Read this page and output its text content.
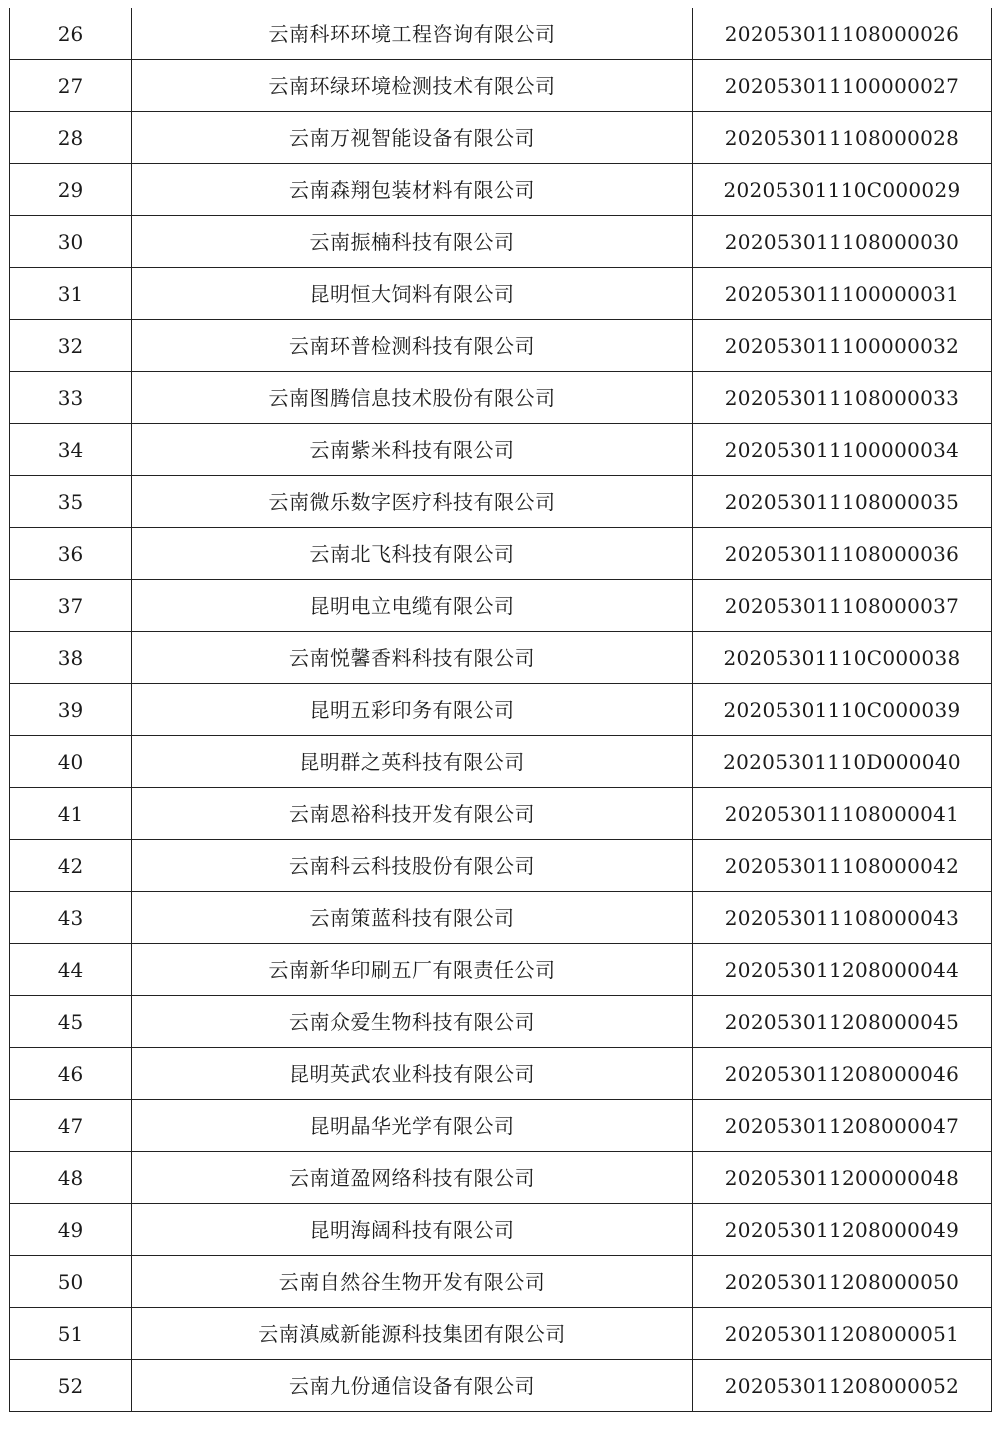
26	云南科环环境工程咨询有限公司	202053011108000026
27	云南环绿环境检测技术有限公司	202053011100000027
28	云南万视智能设备有限公司	202053011108000028
29	云南森翔包装材料有限公司	20205301110C000029
30	云南振楠科技有限公司	202053011108000030
31	昆明恒大饲料有限公司	202053011100000031
32	云南环普检测科技有限公司	202053011100000032
33	云南图腾信息技术股份有限公司	202053011108000033
34	云南紫米科技有限公司	202053011100000034
35	云南微乐数字医疗科技有限公司	202053011108000035
36	云南北飞科技有限公司	202053011108000036
37	昆明电立电缆有限公司	202053011108000037
38	云南悦馨香料科技有限公司	20205301110C000038
39	昆明五彩印务有限公司	20205301110C000039
40	昆明群之英科技有限公司	20205301110D000040
41	云南恩裕科技开发有限公司	202053011108000041
42	云南科云科技股份有限公司	202053011108000042
43	云南策蓝科技有限公司	202053011108000043
44	云南新华印刷五厂有限责任公司	202053011208000044
45	云南众爱生物科技有限公司	202053011208000045
46	昆明英武农业科技有限公司	202053011208000046
47	昆明晶华光学有限公司	202053011208000047
48	云南道盈网络科技有限公司	202053011200000048
49	昆明海阔科技有限公司	202053011208000049
50	云南自然谷生物开发有限公司	202053011208000050
51	云南滇威新能源科技集团有限公司	202053011208000051
52	云南九份通信设备有限公司	202053011208000052
